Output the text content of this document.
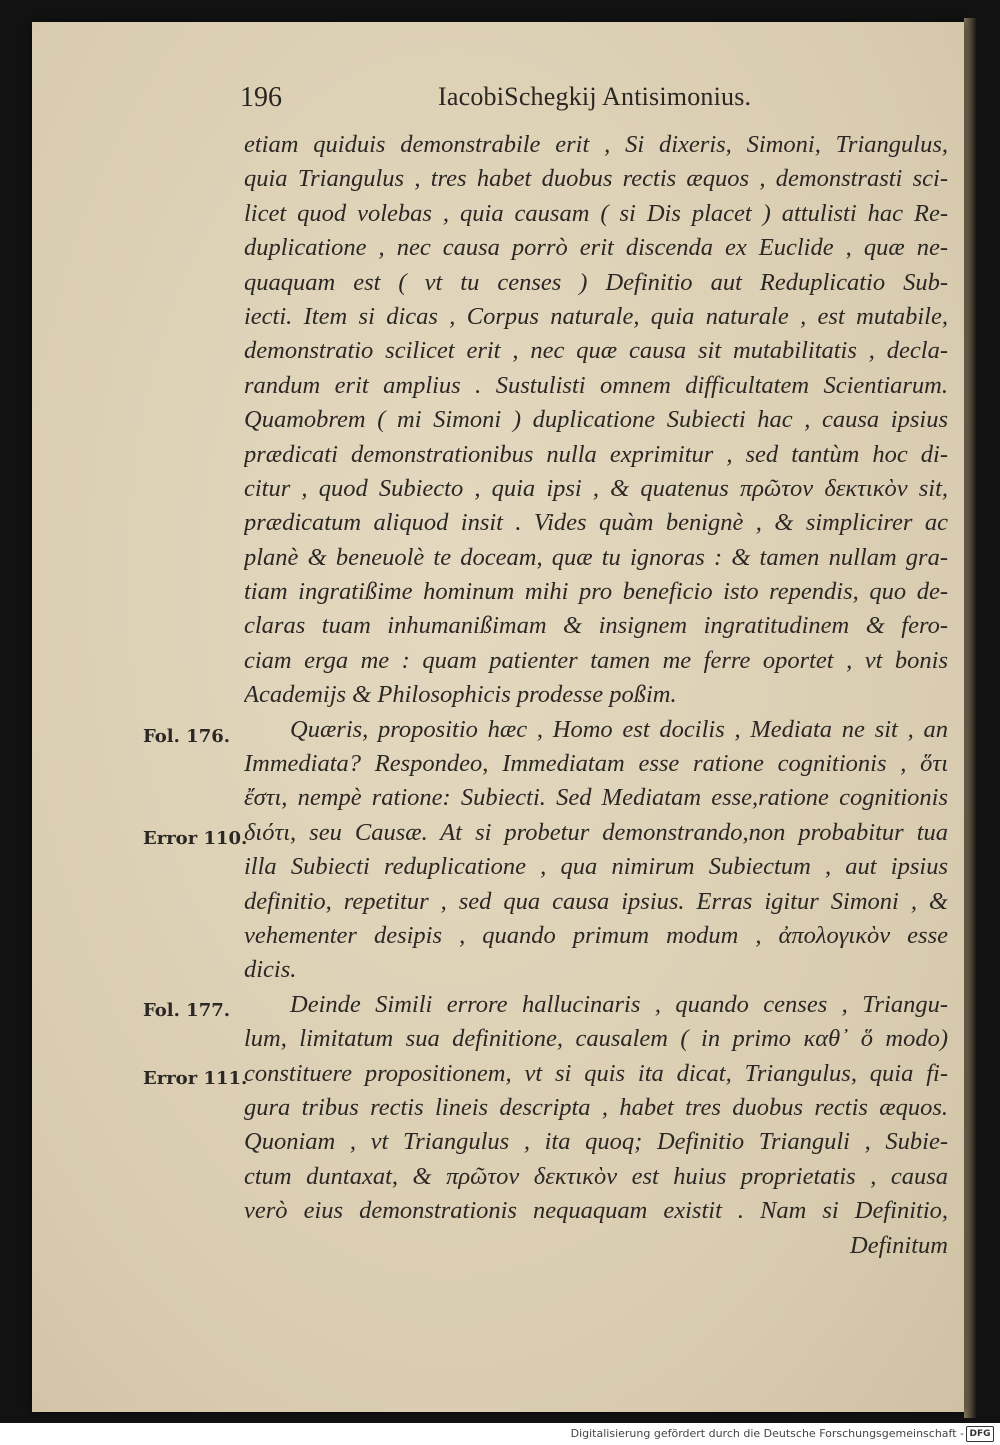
196	IacobiSchegkij Antisimonius.
etiam quiduis demonstrabile erit , Si dixeris, Simoni, Triangulus,
quia Triangulus , tres habet duobus rectis æquos , demonstrasti sci-
licet quod volebas , quia causam ( si Dis placet ) attulisti hac Re-
duplicatione , nec causa porrò erit discenda ex Euclide , quæ ne-
quaquam est ( vt tu censes ) Definitio aut Reduplicatio Sub-
iecti. Item si dicas , Corpus naturale, quia naturale , est mutabile,
demonstratio scilicet erit , nec quæ causa sit mutabilitatis , decla-
randum erit amplius . Sustulisti omnem difficultatem Scientiarum.
Quamobrem ( mi Simoni ) duplicatione Subiecti hac , causa ipsius
prædicati demonstrationibus nulla exprimitur , sed tantùm hoc di-
citur , quod Subiecto , quia ipsi , & quatenus πρῶτον δεκτικὸν sit,
prædicatum aliquod insit . Vides quàm benignè , & simplicirer ac
planè & beneuolè te doceam, quæ tu ignoras : & tamen nullam gra-
tiam ingratißime hominum mihi pro beneficio isto rependis, quo de-
claras tuam inhumanißimam & insignem ingratitudinem & fero-
ciam erga me : quam patienter tamen me ferre oportet , vt bonis
Academijs & Philosophicis prodesse poßim.
Quæris, propositio hæc , Homo est docilis , Mediata ne sit , an
Immediata? Respondeo, Immediatam esse ratione cognitionis , ὅτι
ἔστι, nempè ratione: Subiecti. Sed Mediatam esse,ratione cognitionis
διότι, seu Causæ. At si probetur demonstrando,non probabitur tua
illa Subiecti reduplicatione , qua nimirum Subiectum , aut ipsius
definitio, repetitur , sed qua causa ipsius. Erras igitur Simoni , &
vehementer desipis , quando primum modum , ἀπολογικὸν esse
dicis.
Deinde Simili errore hallucinaris , quando censes , Triangu-
lum, limitatum sua definitione, causalem ( in primo καθ᾽ ὅ modo)
constituere propositionem, vt si quis ita dicat, Triangulus, quia fi-
gura tribus rectis lineis descripta , habet tres duobus rectis æquos.
Quoniam , vt Triangulus , ita quoq; Definitio Trianguli , Subie-
ctum duntaxat, & πρῶτον δεκτικὸν est huius proprietatis , causa
verò eius demonstrationis nequaquam existit . Nam si Definitio,
Definitum
Fol. 176.
Error 110.
Fol. 177.
Error 111.
Digitalisierung gefördert durch die Deutsche Forschungsgemeinschaft - DFG
